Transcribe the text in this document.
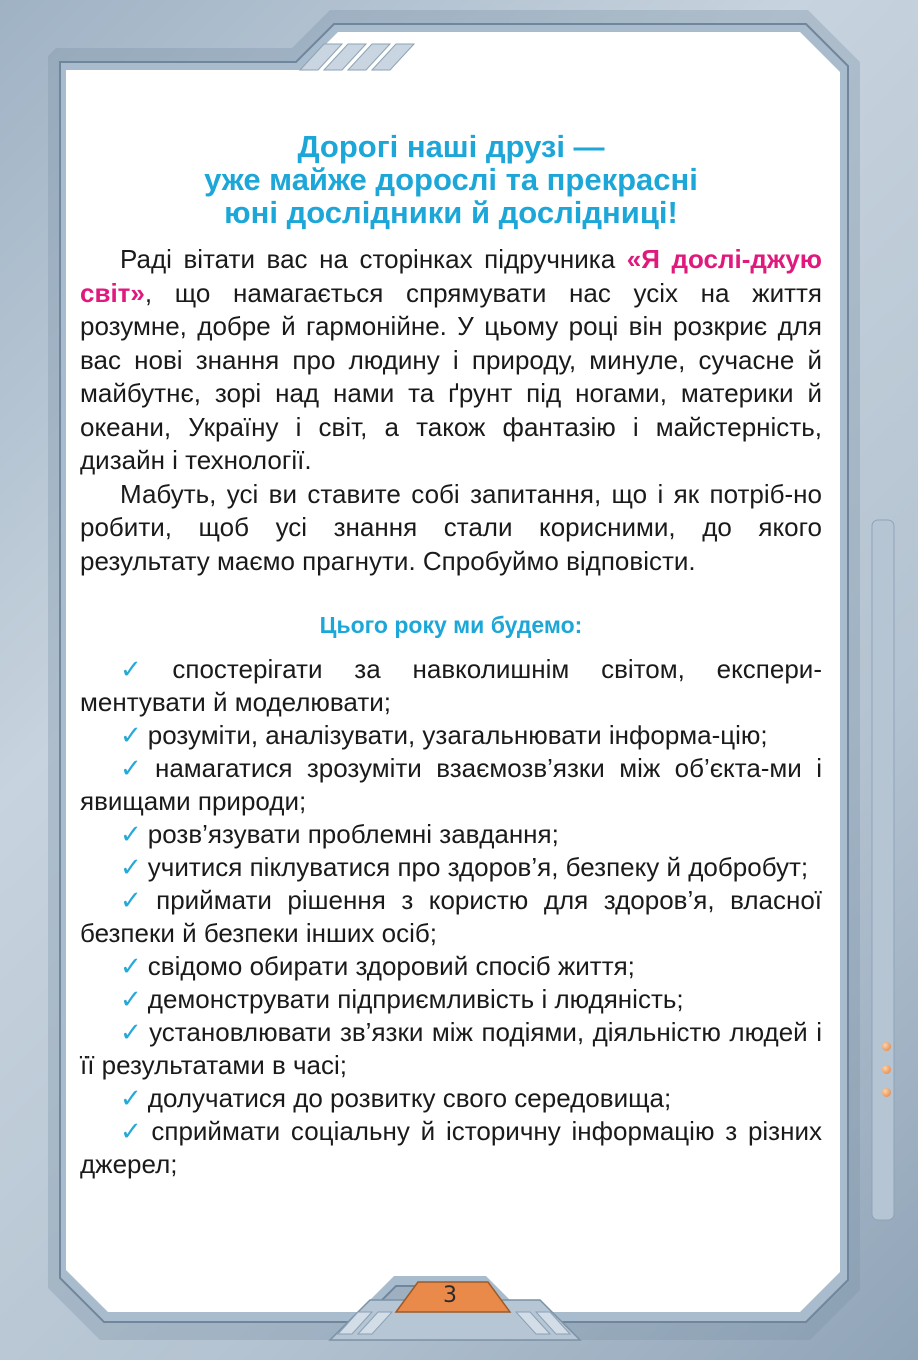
Дорогі наші друзі —
уже майже дорослі та прекрасні
юні дослідники й дослідниці!

Раді вітати вас на сторінках підручника «Я дослі-джую світ», що намагається спрямувати нас усіх на життя розумне, добре й гармонійне. У цьому році він розкриє для вас нові знання про людину і природу, минуле, сучасне й майбутнє, зорі над нами та ґрунт під ногами, материки й океани, Україну і світ, а також фантазію і майстерність, дизайн і технології.

Мабуть, усі ви ставите собі запитання, що і як потріб-но робити, щоб усі знання стали корисними, до якого результату маємо прагнути. Спробуймо відповісти.

Цього року ми будемо:
✓ спостерігати за навколишнім світом, експери-ментувати й моделювати;
✓ розуміти, аналізувати, узагальнювати інформа-цію;
✓ намагатися зрозуміти взаємозв’язки між об’єкта-ми і явищами природи;
✓ розв’язувати проблемні завдання;
✓ учитися піклуватися про здоров’я, безпеку й добробут;
✓ приймати рішення з користю для здоров’я, власної безпеки й безпеки інших осіб;
✓ свідомо обирати здоровий спосіб життя;
✓ демонструвати підприємливість і людяність;
✓ установлювати зв’язки між подіями, діяльністю людей і її результатами в часі;
✓ долучатися до розвитку свого середовища;
✓ сприймати соціальну й історичну інформацію з різних джерел;
3
